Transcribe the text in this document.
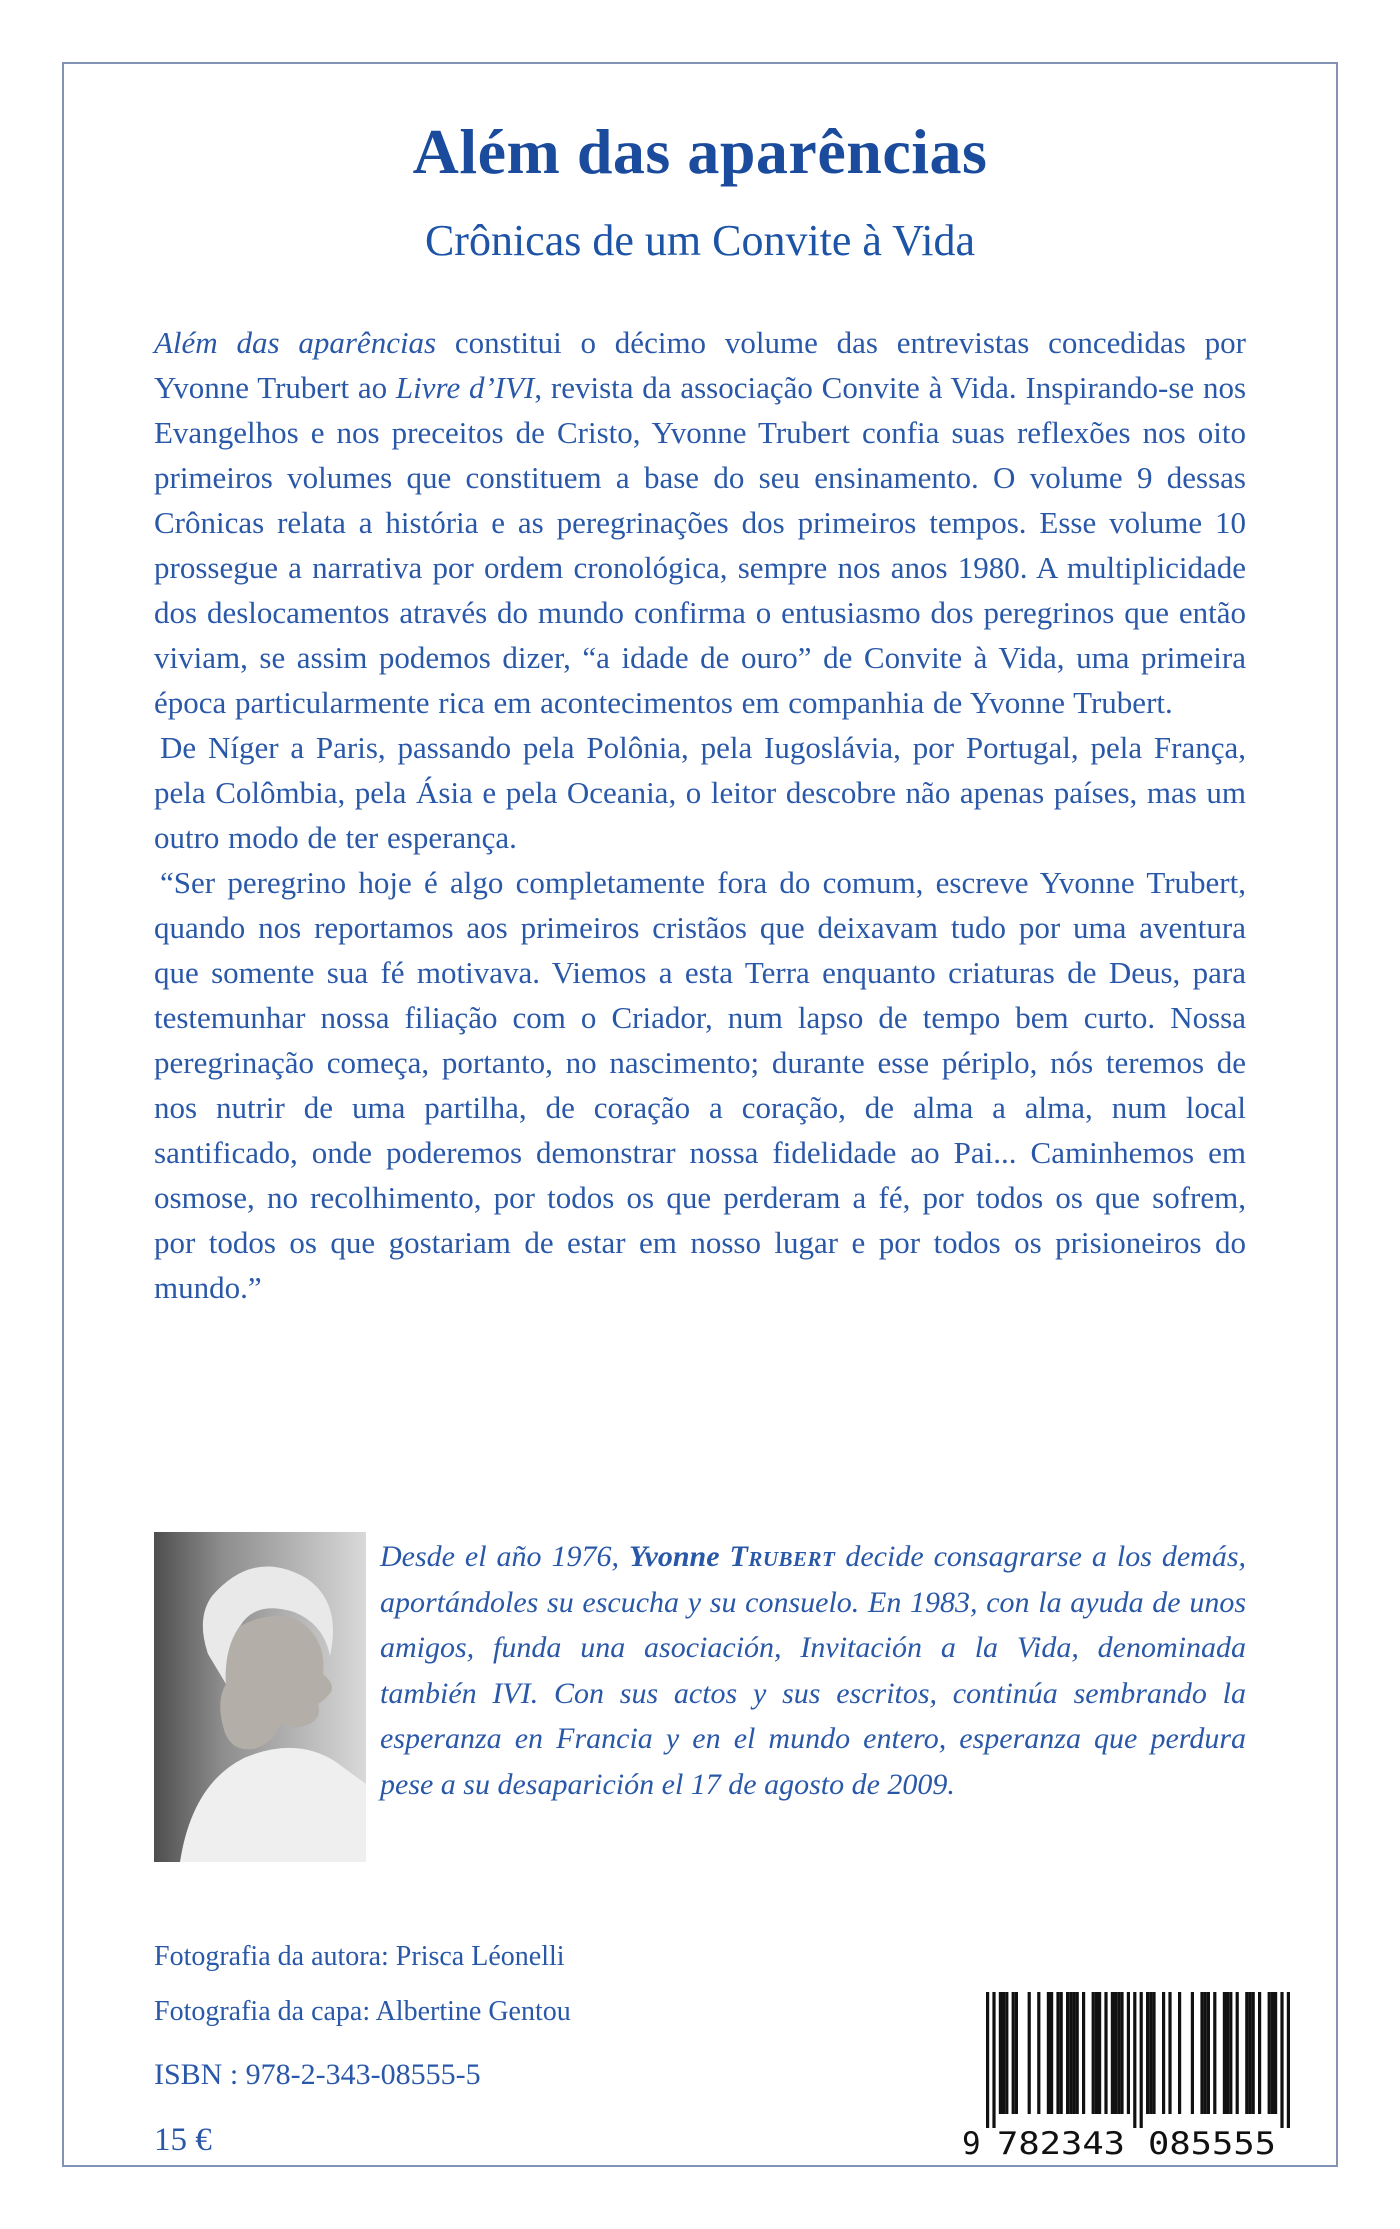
Além das aparências
Crônicas de um Convite à Vida

Além das aparências constitui o décimo volume das entrevistas concedidas por Yvonne Trubert ao Livre d’IVI, revista da associação Convite à Vida. Inspirando-se nos Evangelhos e nos preceitos de Cristo, Yvonne Trubert confia suas reflexões nos oito primeiros volumes que constituem a base do seu ensinamento. O volume 9 dessas Crônicas relata a história e as peregrinações dos primeiros tempos. Esse volume 10 prossegue a narrativa por ordem cronológica, sempre nos anos 1980. A multiplicidade dos deslocamentos através do mundo confirma o entusiasmo dos peregrinos que então viviam, se assim podemos dizer, “a idade de ouro” de Convite à Vida, uma primeira época particularmente rica em acontecimentos em companhia de Yvonne Trubert.

De Níger a Paris, passando pela Polônia, pela Iugoslávia, por Portugal, pela França, pela Colômbia, pela Ásia e pela Oceania, o leitor descobre não apenas países, mas um outro modo de ter esperança.

“Ser peregrino hoje é algo completamente fora do comum, escreve Yvonne Trubert, quando nos reportamos aos primeiros cristãos que deixavam tudo por uma aventura que somente sua fé motivava. Viemos a esta Terra enquanto criaturas de Deus, para testemunhar nossa filiação com o Criador, num lapso de tempo bem curto. Nossa peregrinação começa, portanto, no nascimento; durante esse périplo, nós teremos de nos nutrir de uma partilha, de coração a coração, de alma a alma, num local santificado, onde poderemos demonstrar nossa fidelidade ao Pai... Caminhemos em osmose, no recolhimento, por todos os que perderam a fé, por todos os que sofrem, por todos os que gostariam de estar em nosso lugar e por todos os prisioneiros do mundo.”

Desde el año 1976, Yvonne Trubert decide consagrarse a los demás, aportándoles su escucha y su consuelo. En 1983, con la ayuda de unos amigos, funda una asociación, Invitación a la Vida, denominada también IVI. Con sus actos y sus escritos, continúa sembrando la esperanza en Francia y en el mundo entero, esperanza que perdura pese a su desaparición el 17 de agosto de 2009.

Fotografia da autora: Prisca Léonelli
Fotografia da capa: Albertine Gentou
ISBN : 978-2-343-08555-5
15 €	9 782343 085555
